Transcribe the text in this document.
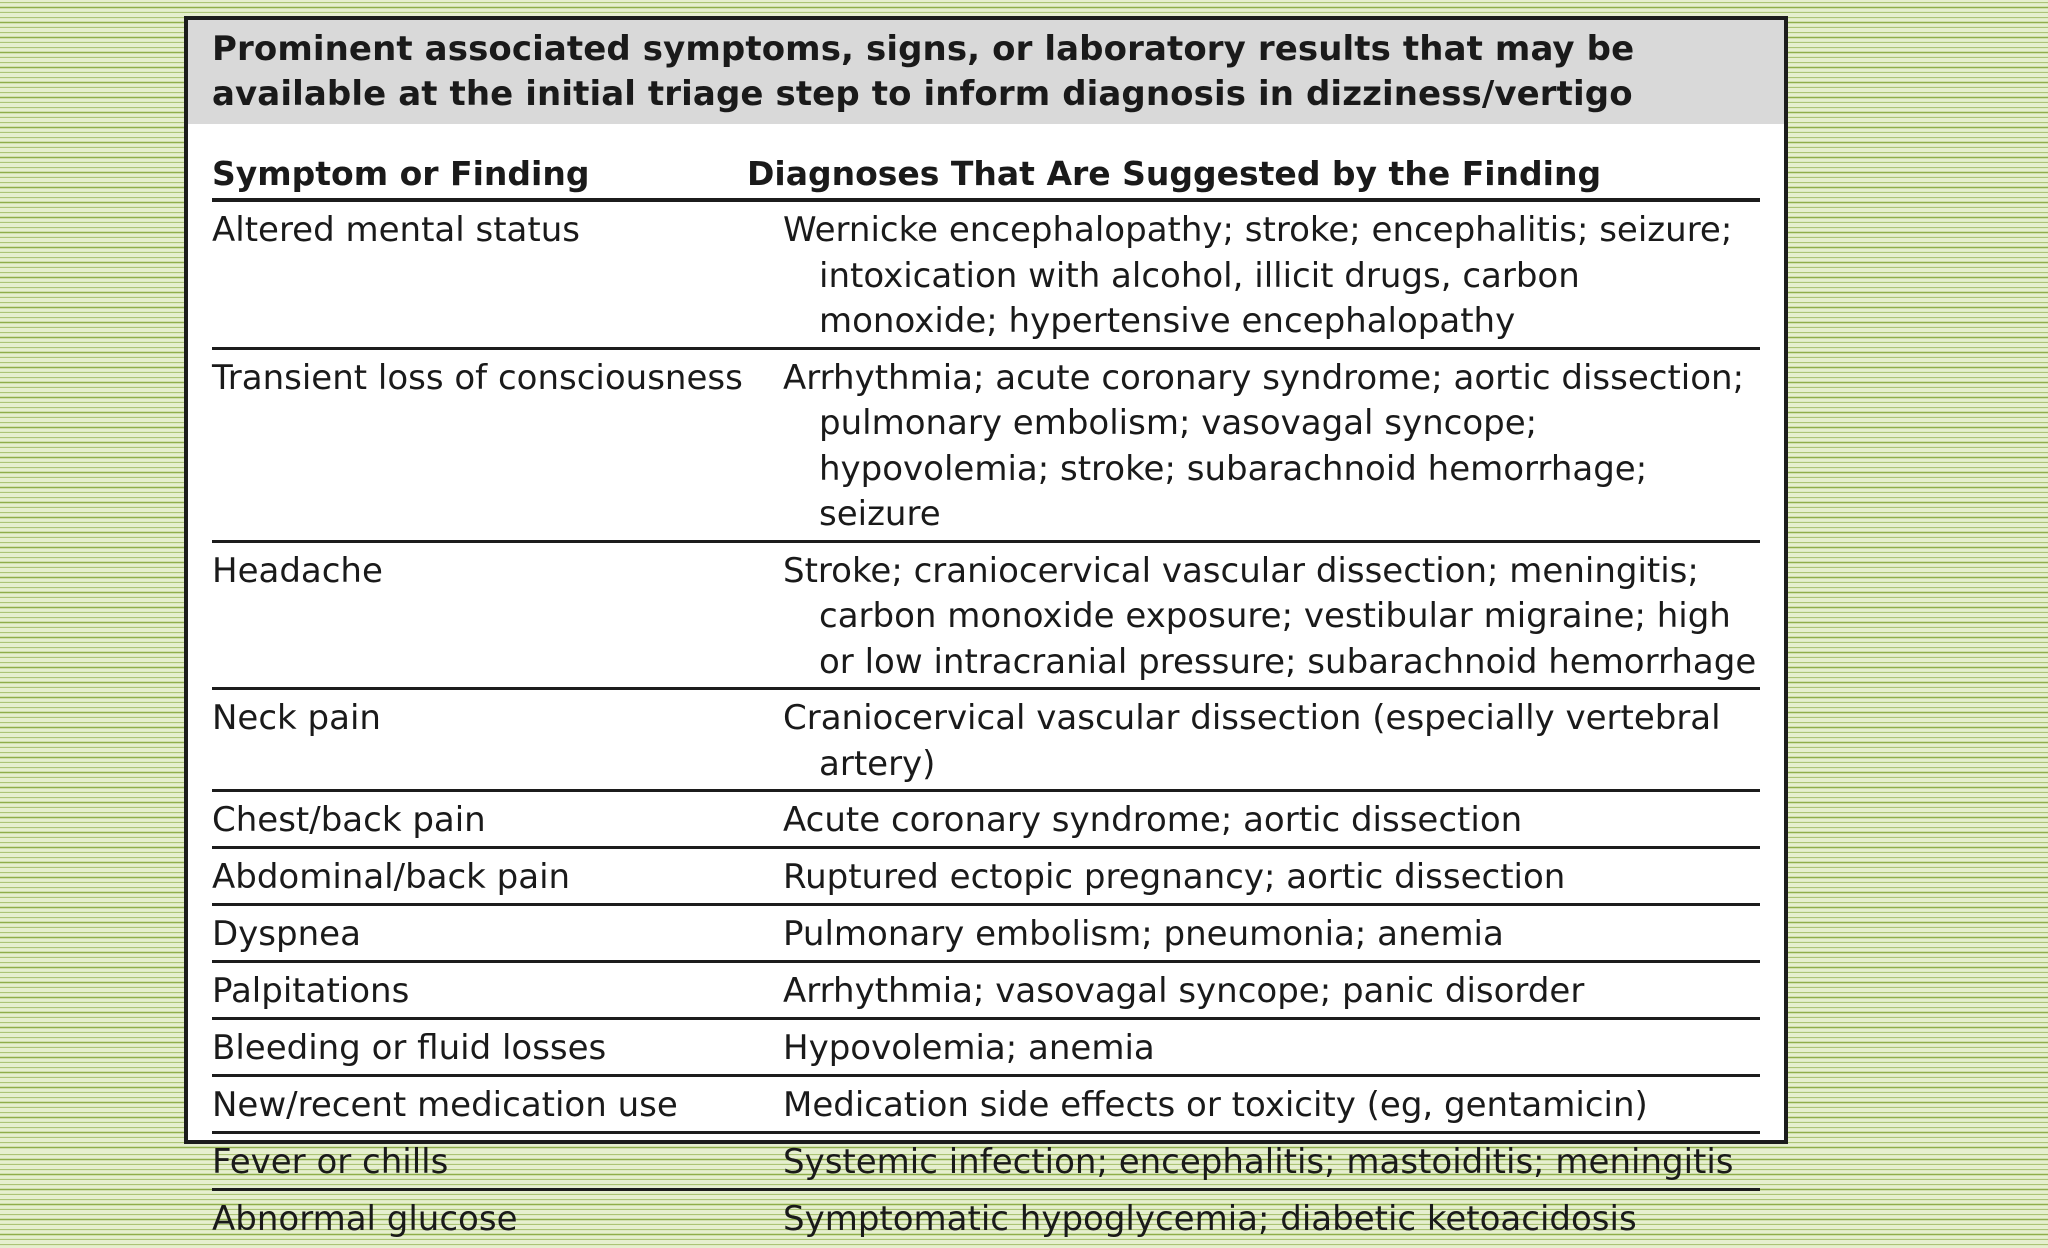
Prominent associated symptoms, signs, or laboratory results that may be available at the initial triage step to inform diagnosis in dizziness/vertigo
Symptom or Finding	Diagnoses That Are Suggested by the Finding
Altered mental status	Wernicke encephalopathy; stroke; encephalitis; seizure; intoxication with alcohol, illicit drugs, carbon monoxide; hypertensive encephalopathy
Transient loss of consciousness	Arrhythmia; acute coronary syndrome; aortic dissection; pulmonary embolism; vasovagal syncope; hypovolemia; stroke; subarachnoid hemorrhage; seizure
Headache	Stroke; craniocervical vascular dissection; meningitis; carbon monoxide exposure; vestibular migraine; high or low intracranial pressure; subarachnoid hemorrhage
Neck pain	Craniocervical vascular dissection (especially vertebral artery)
Chest/back pain	Acute coronary syndrome; aortic dissection
Abdominal/back pain	Ruptured ectopic pregnancy; aortic dissection
Dyspnea	Pulmonary embolism; pneumonia; anemia
Palpitations	Arrhythmia; vasovagal syncope; panic disorder
Bleeding or fluid losses	Hypovolemia; anemia
New/recent medication use	Medication side effects or toxicity (eg, gentamicin)
Fever or chills	Systemic infection; encephalitis; mastoiditis; meningitis
Abnormal glucose	Symptomatic hypoglycemia; diabetic ketoacidosis
